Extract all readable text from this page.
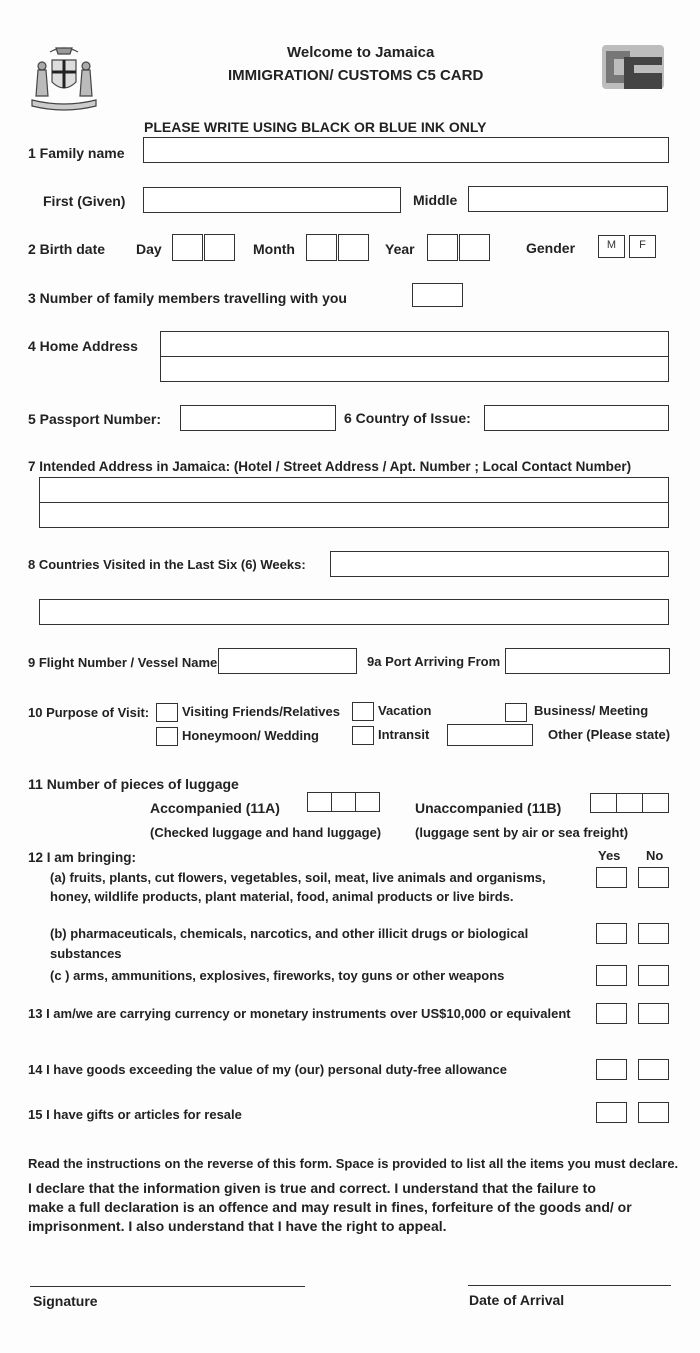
Welcome to Jamaica
IMMIGRATION/ CUSTOMS C5 CARD
PLEASE WRITE USING BLACK OR BLUE INK ONLY
1 Family name
First (Given)	Middle
2 Birth date Day	Month	Year	Gender	M	F
3 Number of family members travelling with you
4 Home Address
5 Passport Number:	6 Country of Issue:
7 Intended Address in Jamaica: (Hotel / Street Address / Apt. Number ; Local Contact Number)
8 Countries Visited in the Last Six (6) Weeks:
9 Flight Number / Vessel Name	9a Port Arriving From
10 Purpose of Visit:	Visiting Friends/Relatives	Vacation	Business/ Meeting
Honeymoon/ Wedding	Intransit	Other (Please state)
11 Number of pieces of luggage
Accompanied (11A)	Unaccompanied (11B)
(Checked luggage and hand luggage)	(luggage sent by air or sea freight)
12 I am bringing:	Yes No
(a) fruits, plants, cut flowers, vegetables, soil, meat, live animals and organisms,
honey, wildlife products, plant material, food, animal products or live birds.
(b) pharmaceuticals, chemicals, narcotics, and other illicit drugs or biological
substances
(c ) arms, ammunitions, explosives, fireworks, toy guns or other weapons
13 I am/we are carrying currency or monetary instruments over US$10,000 or equivalent
14 I have goods exceeding the value of my (our) personal duty-free allowance
15 I have gifts or articles for resale
Read the instructions on the reverse of this form. Space is provided to list all the items you must declare.
I declare that the information given is true and correct. I understand that the failure to
make a full declaration is an offence and may result in fines, forfeiture of the goods and/ or
imprisonment. I also understand that I have the right to appeal.
Signature	Date of Arrival
